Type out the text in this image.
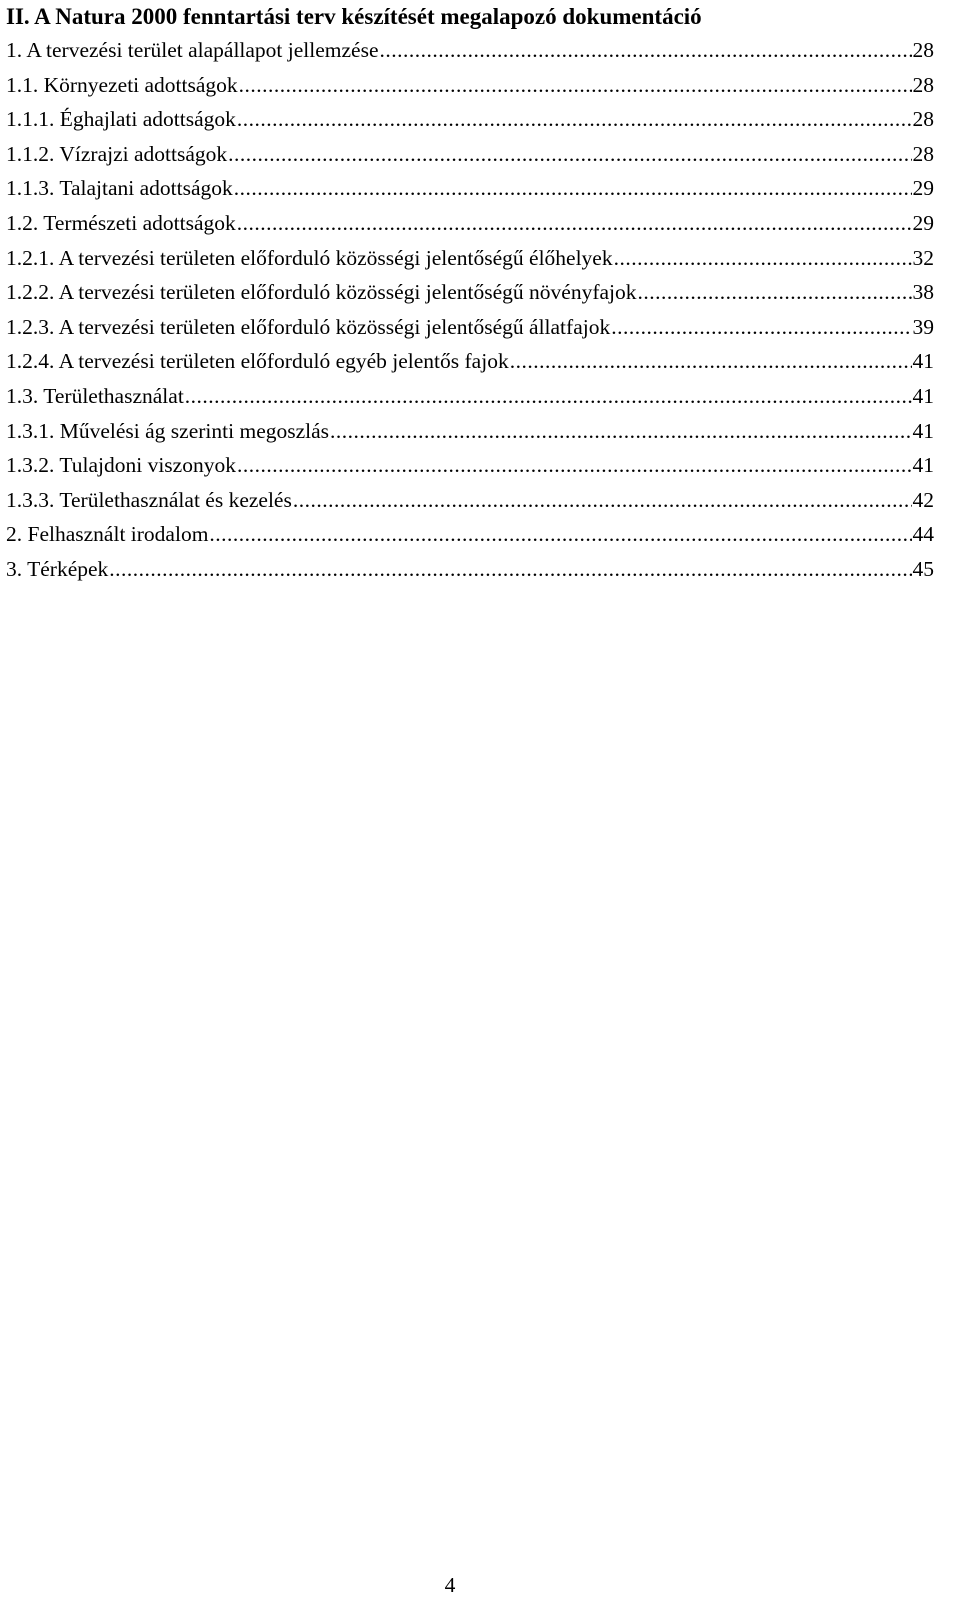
II. A Natura 2000 fenntartási terv készítését megalapozó dokumentáció
1. A tervezési terület alapállapot jellemzése .....	28
1.1. Környezeti adottságok .....	28
1.1.1. Éghajlati adottságok .....	28
1.1.2. Vízrajzi adottságok .....	28
1.1.3. Talajtani adottságok .....	29
1.2. Természeti adottságok .....	29
1.2.1. A tervezési területen előforduló közösségi jelentőségű élőhelyek .....	32
1.2.2. A tervezési területen előforduló közösségi jelentőségű növényfajok .....	38
1.2.3. A tervezési területen előforduló közösségi jelentőségű állatfajok .....	39
1.2.4. A tervezési területen előforduló egyéb jelentős fajok .....	41
1.3. Területhasználat .....	41
1.3.1. Művelési ág szerinti megoszlás .....	41
1.3.2. Tulajdoni viszonyok .....	41
1.3.3. Területhasználat és kezelés .....	42
2. Felhasznált irodalom .....	44
3. Térképek .....	45
4
